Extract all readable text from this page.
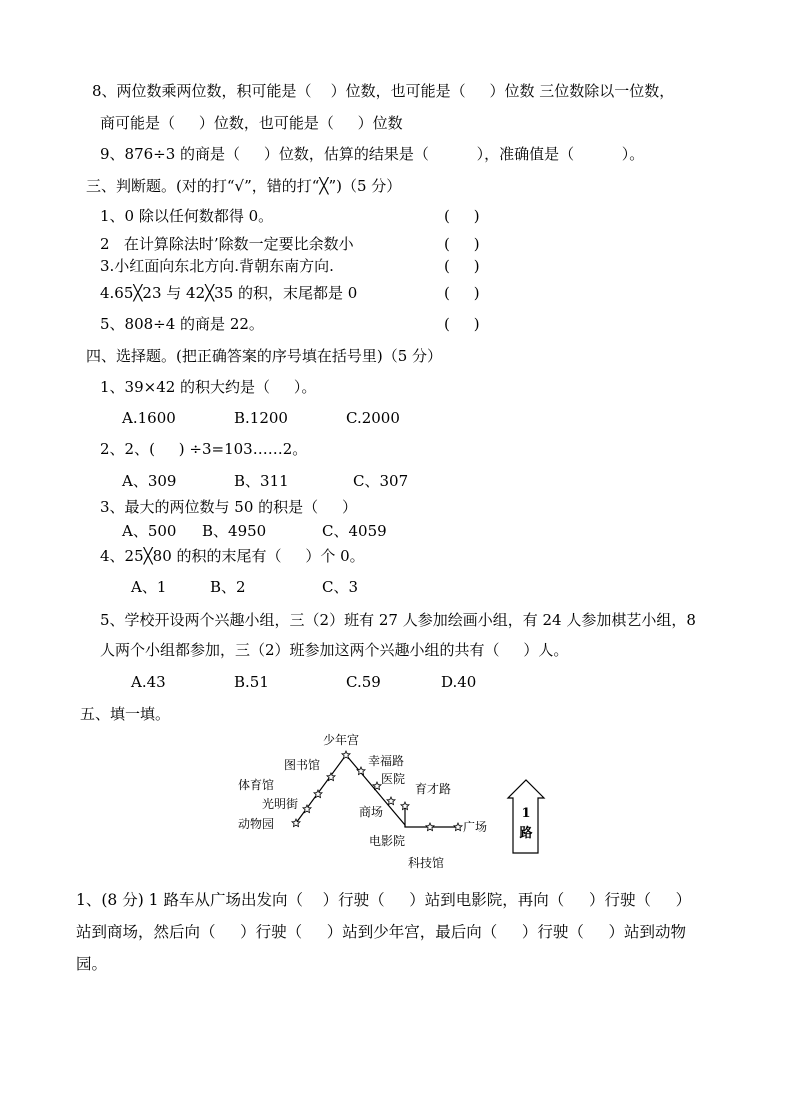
8、两位数乘两位数，积可能是（    ）位数，也可能是（     ）位数 三位数除以一位数，
商可能是（     ）位数，也可能是（     ）位数
9、876÷3 的商是（     ）位数，估算的结果是（          ），准确值是（          ）。
三、判断题。(对的打“√”，错的打“╳”)（5 分）
1、0 除以任何数都得 0。	(     )
2   在计算除法时’除数一定要比余数小	(     )
3.小红面向东北方向.背朝东南方向.	(     )
4.65╳23 与 42╳35 的积，末尾都是 0	(     )
5、808÷4 的商是 22。	(     )
四、选择题。(把正确答案的序号填在括号里)（5 分）
1、39×42 的积大约是（     ）。
A.1600	B.1200	C.2000
2、2、(     ) ÷3=103……2。
A、309	B、311	C、307
3、最大的两位数与 50 的积是（     ）
A、500 B、4950	C、4059
4、25╳80 的积的末尾有（     ）个 0。
A、1	B、2	C、3
5、学校开设两个兴趣小组，三（2）班有 27 人参加绘画小组，有 24 人参加棋艺小组，8
人两个小组都参加，三（2）班参加这两个兴趣小组的共有（     ）人。
A.43	B.51	C.59	D.40
五、填一填。
少年宫
图书馆	幸福路
医院
育才路
体育馆
光明街
动物园
商场
广场
电影院
科技馆
1
路
1、(8 分) 1 路车从广场出发向（    ）行驶（     ）站到电影院，再向（     ）行驶（     ）
站到商场，然后向（     ）行驶（     ）站到少年宫，最后向（     ）行驶（     ）站到动物
园。
